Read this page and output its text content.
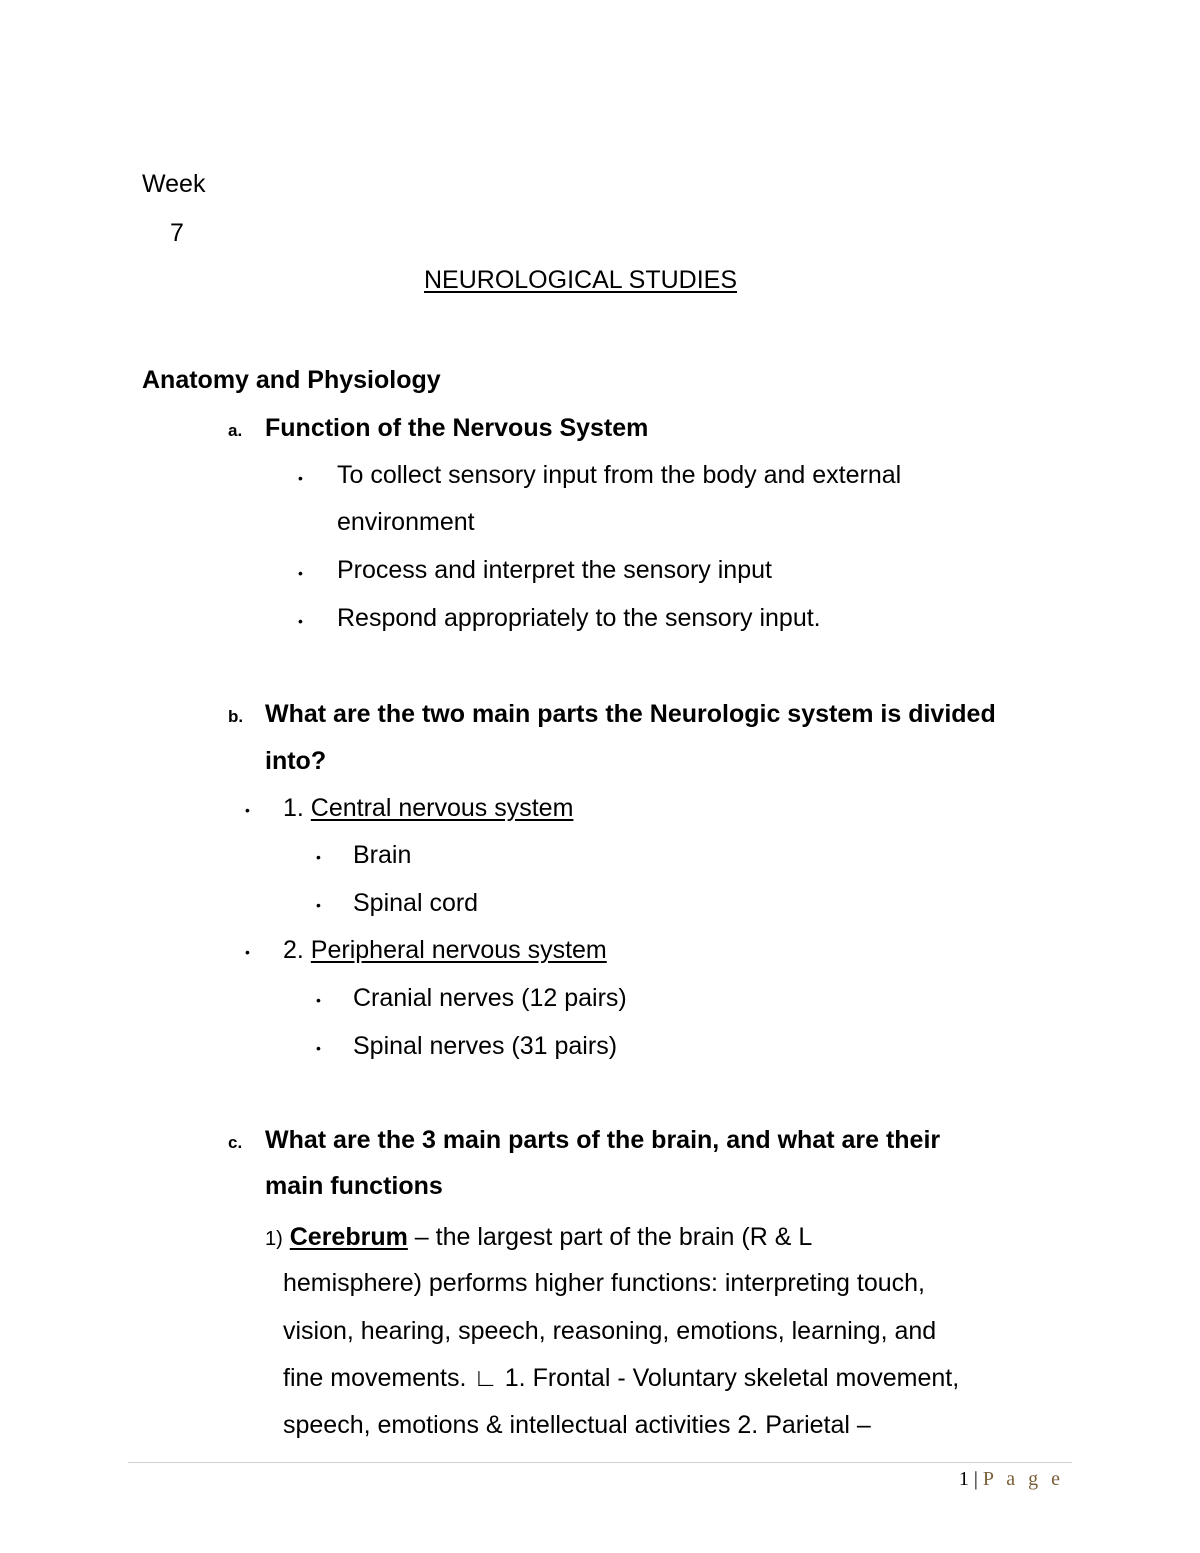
Week
7
NEUROLOGICAL STUDIES
Anatomy and Physiology
a. Function of the Nervous System
• To collect sensory input from the body and external
environment
• Process and interpret the sensory input
• Respond appropriately to the sensory input.
b. What are the two main parts the Neurologic system is divided
into?
• 1. Central nervous system
• Brain
• Spinal cord
• 2. Peripheral nervous system
• Cranial nerves (12 pairs)
• Spinal nerves (31 pairs)
c. What are the 3 main parts of the brain, and what are their
main functions
1) Cerebrum – the largest part of the brain (R & L
hemisphere) performs higher functions: interpreting touch,
vision, hearing, speech, reasoning, emotions, learning, and
fine movements. ∟ 1. Frontal - Voluntary skeletal movement,
speech, emotions & intellectual activities 2. Parietal –
1 | P a g e
